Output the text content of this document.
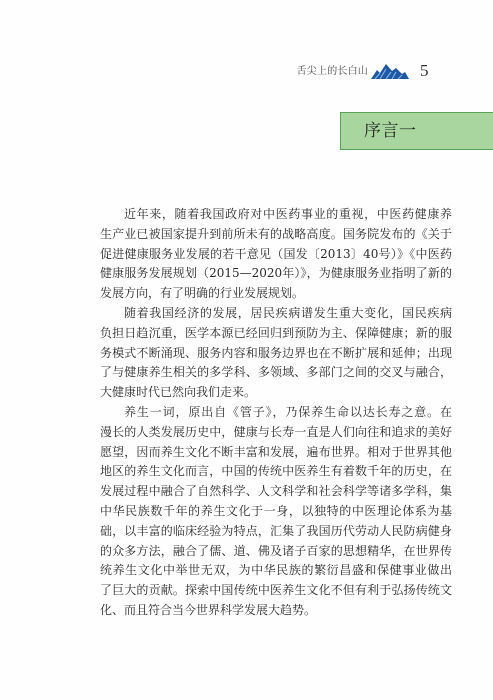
舌尖上的长白山	5
序言一
近年来，随着我国政府对中医药事业的重视，中医药健康养
生产业已被国家提升到前所未有的战略高度。国务院发布的《关于
促进健康服务业发展的若干意见（国发〔2013〕40号）》《中医药
健康服务发展规划（2015—2020年）》，为健康服务业指明了新的
发展方向，有了明确的行业发展规划。
随着我国经济的发展，居民疾病谱发生重大变化，国民疾病
负担日趋沉重，医学本源已经回归到预防为主、保障健康；新的服
务模式不断涌现、服务内容和服务边界也在不断扩展和延伸；出现
了与健康养生相关的多学科、多领域、多部门之间的交叉与融合，
大健康时代已然向我们走来。
养生一词，原出自《管子》，乃保养生命以达长寿之意。在
漫长的人类发展历史中，健康与长寿一直是人们向往和追求的美好
愿望，因而养生文化不断丰富和发展，遍布世界。相对于世界其他
地区的养生文化而言，中国的传统中医养生有着数千年的历史，在
发展过程中融合了自然科学、人文科学和社会科学等诸多学科，集
中华民族数千年的养生文化于一身，以独特的中医理论体系为基
础，以丰富的临床经验为特点，汇集了我国历代劳动人民防病健身
的众多方法，融合了儒、道、佛及诸子百家的思想精华，在世界传
统养生文化中举世无双，为中华民族的繁衍昌盛和保健事业做出
了巨大的贡献。探索中国传统中医养生文化不但有利于弘扬传统文
化、而且符合当今世界科学发展大趋势。
